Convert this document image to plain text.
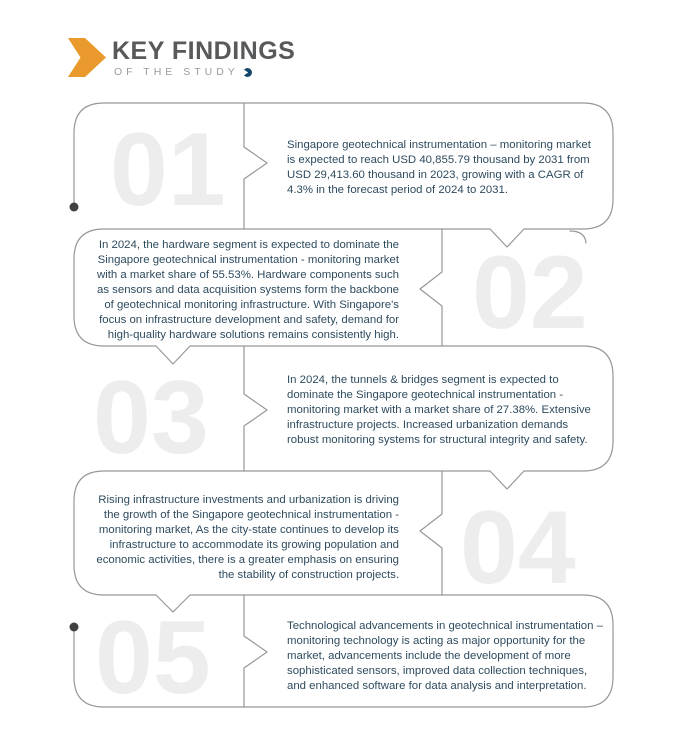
KEY FINDINGS
OF THE STUDY
01
02
03
04
05
Singapore geotechnical instrumentation – monitoring market is expected to reach USD 40,855.79 thousand by 2031 from USD 29,413.60 thousand in 2023, growing with a CAGR of 4.3% in the forecast period of 2024 to 2031.
In 2024, the hardware segment is expected to dominate the Singapore geotechnical instrumentation - monitoring market with a market share of 55.53%. Hardware components such as sensors and data acquisition systems form the backbone of geotechnical monitoring infrastructure. With Singapore's focus on infrastructure development and safety, demand for high-quality hardware solutions remains consistently high.
In 2024, the tunnels & bridges segment is expected to dominate the Singapore geotechnical instrumentation - monitoring market with a market share of 27.38%. Extensive infrastructure projects. Increased urbanization demands robust monitoring systems for structural integrity and safety.
Rising infrastructure investments and urbanization is driving the growth of the Singapore geotechnical instrumentation - monitoring market, As the city-state continues to develop its infrastructure to accommodate its growing population and economic activities, there is a greater emphasis on ensuring the stability of construction projects.
Technological advancements in geotechnical instrumentation – monitoring technology is acting as major opportunity for the market, advancements include the development of more sophisticated sensors, improved data collection techniques, and enhanced software for data analysis and interpretation.
